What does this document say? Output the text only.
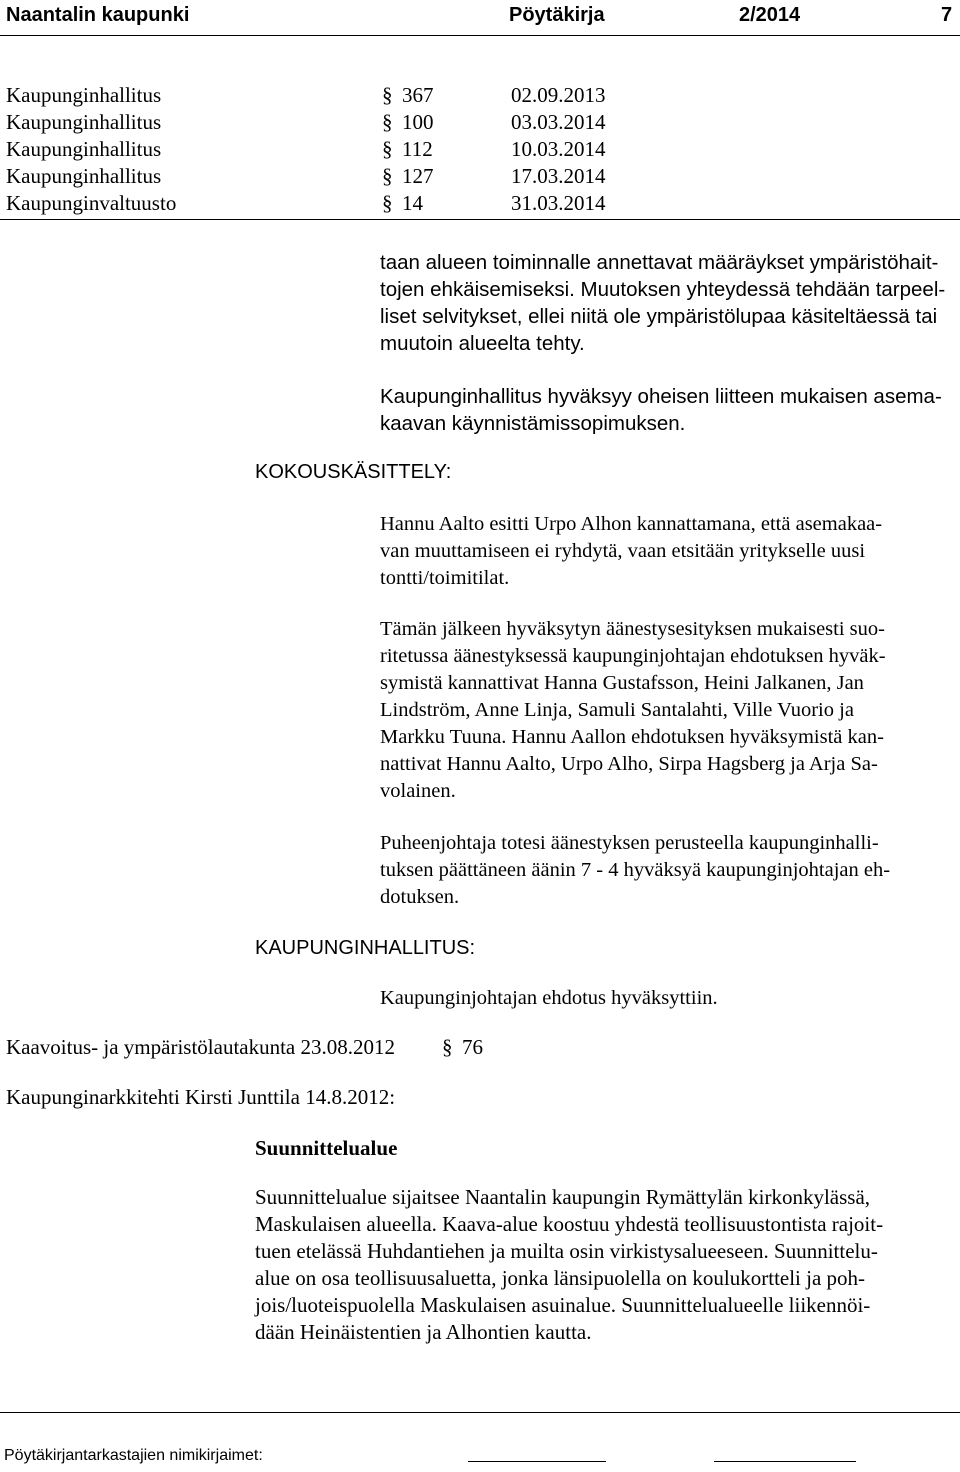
Naantalin kaupunki	Pöytäkirja	2/2014	7
Kaupunginhallitus	§ 367	02.09.2013
Kaupunginhallitus	§ 100	03.03.2014
Kaupunginhallitus	§ 112	10.03.2014
Kaupunginhallitus	§ 127	17.03.2014
Kaupunginvaltuusto	§ 14	31.03.2014

taan alueen toiminnalle annettavat määräykset ympäristöhait-
tojen ehkäisemiseksi. Muutoksen yhteydessä tehdään tarpeel-
liset selvitykset, ellei niitä ole ympäristölupaa käsiteltäessä tai
muutoin alueelta tehty.

Kaupunginhallitus hyväksyy oheisen liitteen mukaisen asema-
kaavan käynnistämissopimuksen.

KOKOUSKÄSITTELY:

Hannu Aalto esitti Urpo Alhon kannattamana, että asemakaa-
van muuttamiseen ei ryhdytä, vaan etsitään yritykselle uusi
tontti/toimitilat.

Tämän jälkeen hyväksytyn äänestysesityksen mukaisesti suo-
ritetussa äänestyksessä kaupunginjohtajan ehdotuksen hyväk-
symistä kannattivat Hanna Gustafsson, Heini Jalkanen, Jan
Lindström, Anne Linja, Samuli Santalahti, Ville Vuorio ja
Markku Tuuna. Hannu Aallon ehdotuksen hyväksymistä kan-
nattivat Hannu Aalto, Urpo Alho, Sirpa Hagsberg ja Arja Sa-
volainen.

Puheenjohtaja totesi äänestyksen perusteella kaupunginhalli-
tuksen päättäneen äänin 7 - 4 hyväksyä kaupunginjohtajan eh-
dotuksen.

KAUPUNGINHALLITUS:

Kaupunginjohtajan ehdotus hyväksyttiin.

Kaavoitus- ja ympäristölautakunta 23.08.2012 § 76
Kaupunginarkkitehti Kirsti Junttila 14.8.2012:
Suunnittelualue

Suunnittelualue sijaitsee Naantalin kaupungin Rymättylän kirkonkylässä,
Maskulaisen alueella. Kaava-alue koostuu yhdestä teollisuustontista rajoit-
tuen etelässä Huhdantiehen ja muilta osin virkistysalueeseen. Suunnittelu-
alue on osa teollisuusaluetta, jonka länsipuolella on koulukortteli ja poh-
jois/luoteispuolella Maskulaisen asuinalue. Suunnittelualueelle liikennöi-
dään Heinäistentien ja Alhontien kautta.

Pöytäkirjantarkastajien nimikirjaimet:
